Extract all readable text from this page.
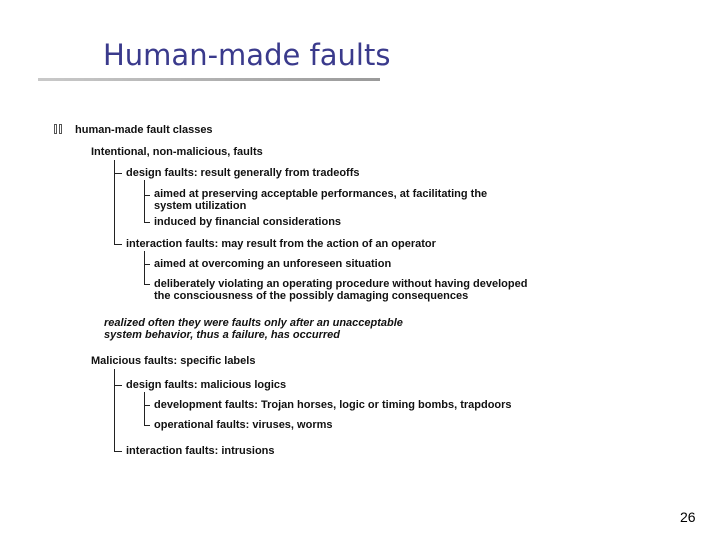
Human-made faults
human-made fault classes
Intentional, non-malicious, faults
design faults: result generally from tradeoffs
aimed at preserving acceptable performances, at facilitating the
system utilization
induced by financial considerations
interaction faults: may result from the action of an operator
aimed at overcoming an unforeseen situation
deliberately violating an operating procedure without having developed
the consciousness of the possibly damaging consequences
realized often they were faults only after an unacceptable
system behavior, thus a failure, has occurred
Malicious faults: specific labels
design faults: malicious logics
development faults: Trojan horses, logic or timing bombs, trapdoors
operational faults: viruses, worms
interaction faults: intrusions
26
